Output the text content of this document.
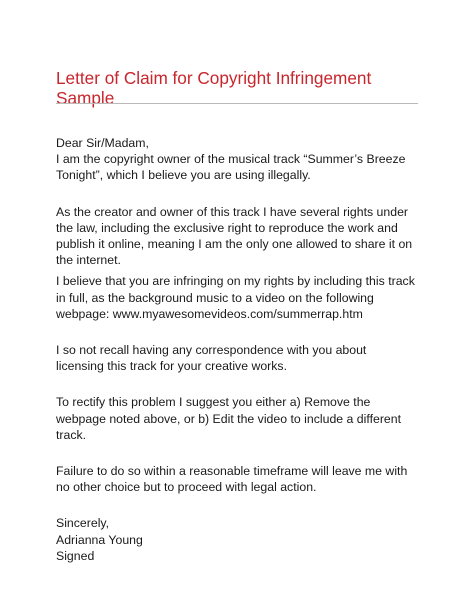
Letter of Claim for Copyright Infringement
Sample

Dear Sir/Madam,

I am the copyright owner of the musical track “Summer’s Breeze
Tonight”, which I believe you are using illegally.

As the creator and owner of this track I have several rights under
the law, including the exclusive right to reproduce the work and
publish it online, meaning I am the only one allowed to share it on
the internet.

I believe that you are infringing on my rights by including this track
in full, as the background music to a video on the following
webpage: www.myawesomevideos.com/summerrap.htm

I so not recall having any correspondence with you about
licensing this track for your creative works.

To rectify this problem I suggest you either a) Remove the
webpage noted above, or b) Edit the video to include a different
track.

Failure to do so within a reasonable timeframe will leave me with
no other choice but to proceed with legal action.

Sincerely,
Adrianna Young
Signed
